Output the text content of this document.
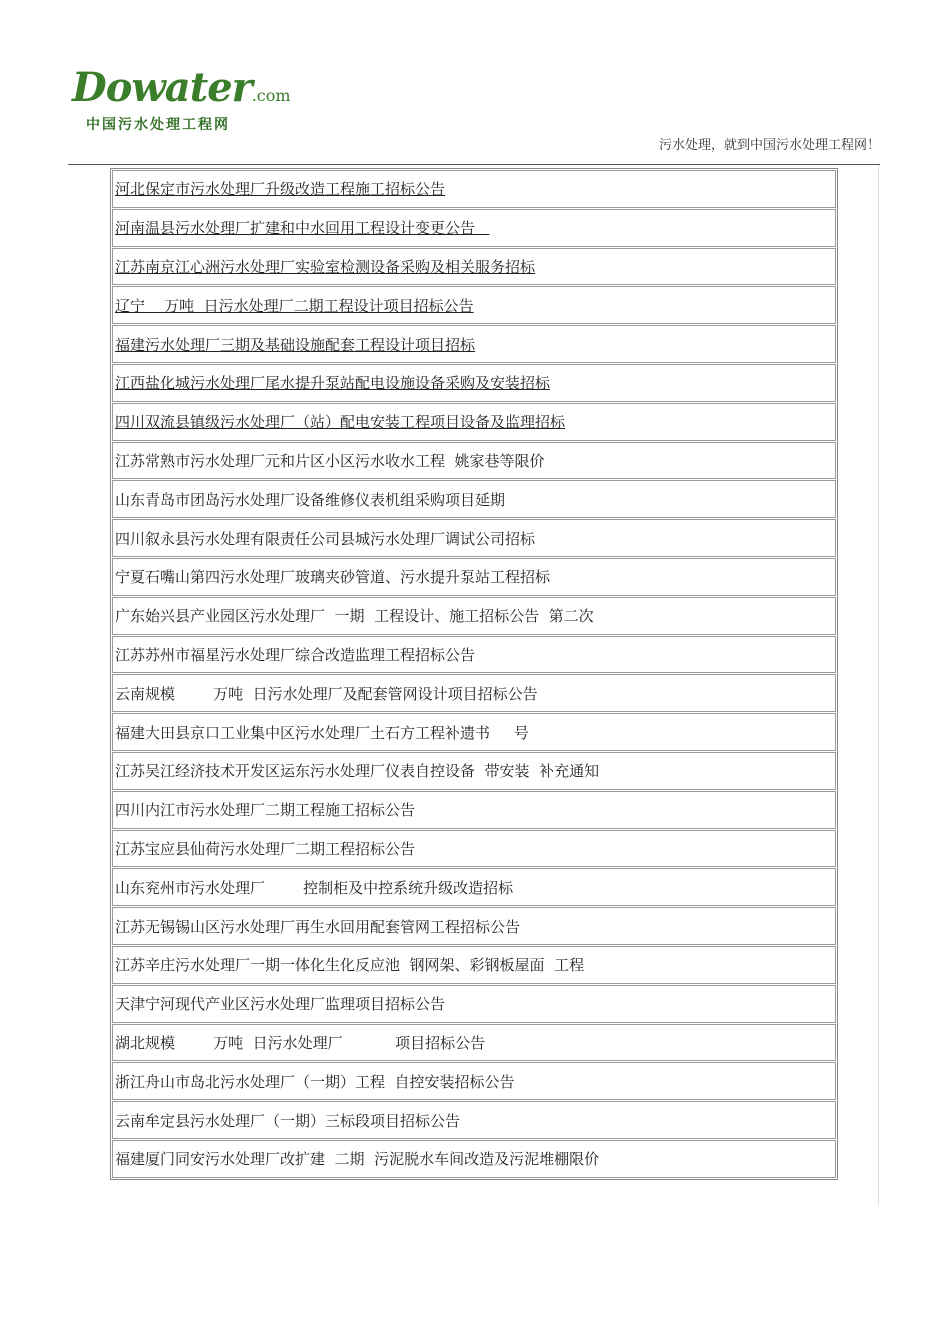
Dowater.com
中国污水处理工程网
污水处理，就到中国污水处理工程网！
河北保定市污水处理厂升级改造工程施工招标公告
河南温县污水处理厂扩建和中水回用工程设计变更公告
江苏南京江心洲污水处理厂实验室检测设备采购及相关服务招标
辽宁    万吨  日污水处理厂二期工程设计项目招标公告
福建污水处理厂三期及基础设施配套工程设计项目招标
江西盐化城污水处理厂尾水提升泵站配电设施设备采购及安装招标
四川双流县镇级污水处理厂（站）配电安装工程项目设备及监理招标
江苏常熟市污水处理厂元和片区小区污水收水工程  姚家巷等限价
山东青岛市团岛污水处理厂设备维修仪表机组采购项目延期
四川叙永县污水处理有限责任公司县城污水处理厂调试公司招标
宁夏石嘴山第四污水处理厂玻璃夹砂管道、污水提升泵站工程招标
广东始兴县产业园区污水处理厂  一期  工程设计、施工招标公告  第二次
江苏苏州市福星污水处理厂综合改造监理工程招标公告
云南规模        万吨  日污水处理厂及配套管网设计项目招标公告
福建大田县京口工业集中区污水处理厂土石方工程补遗书     号
江苏吴江经济技术开发区运东污水处理厂仪表自控设备  带安装  补充通知
四川内江市污水处理厂二期工程施工招标公告
江苏宝应县仙荷污水处理厂二期工程招标公告
山东兖州市污水处理厂        控制柜及中控系统升级改造招标
江苏无锡锡山区污水处理厂再生水回用配套管网工程招标公告
江苏辛庄污水处理厂一期一体化生化反应池  钢网架、彩钢板屋面  工程
天津宁河现代产业区污水处理厂监理项目招标公告
湖北规模        万吨  日污水处理厂           项目招标公告
浙江舟山市岛北污水处理厂（一期）工程  自控安装招标公告
云南牟定县污水处理厂（一期）三标段项目招标公告
福建厦门同安污水处理厂改扩建  二期  污泥脱水车间改造及污泥堆棚限价
